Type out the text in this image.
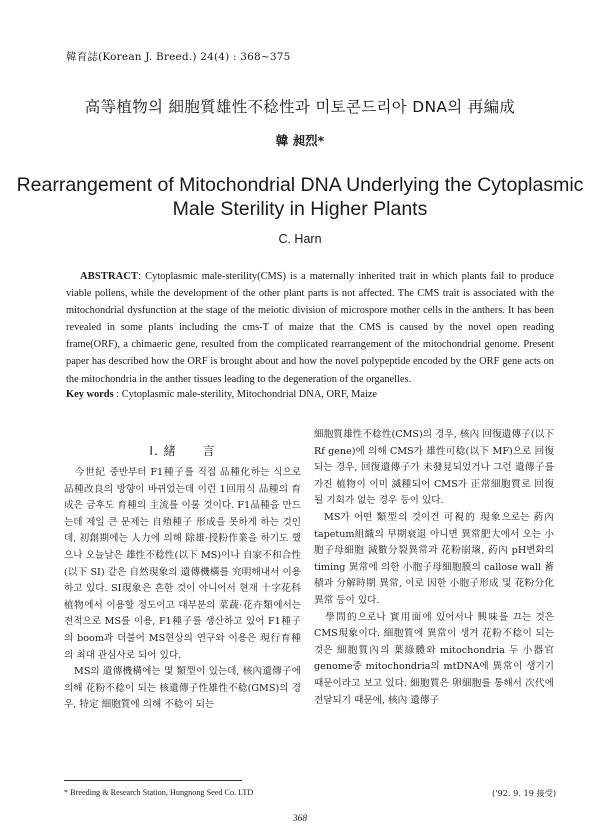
韓育誌(Korean J. Breed.) 24(4) : 368~375
高等植物의 細胞質雄性不稔性과 미토콘드리아 DNA의 再編成
韓 昶烈*
Rearrangement of Mitochondrial DNA Underlying the Cytoplasmic Male Sterility in Higher Plants
C. Harn
ABSTRACT: Cytoplasmic male-sterility(CMS) is a maternally inherited trait in which plants fail to produce viable pollens, while the development of the other plant parts is not affected. The CMS trait is associated with the mitochondrial dysfunction at the stage of the meiotic division of microspore mother cells in the anthers. It has been revealed in some plants including the cms-T of maize that the CMS is caused by the novel open reading frame(ORF), a chimaeric gene, resulted from the complicated rearrangement of the mitochondrial genome. Present paper has described how the ORF is brought about and how the novel polypeptide encoded by the ORF gene acts on the mitochondria in the anther tissues leading to the degeneration of the organelles.
Key words : Cytoplasmic male-sterility, Mitochondrial DNA, ORF, Maize
I. 緒　　言

今世紀 중반부터 F1種子를 직접 品種化하는 식으로 品種改良의 방향이 바뀌었는데 이런 1回用식 品種의 育成은 금후도 育種의 主流를 이룰 것이다. F1品種을 만드는데 제일 큰 문제는 自殖種子 形成을 못하게 하는 것인데, 初創期에는 人力에 의해 除雄·授粉作業을 하기도 했으나 오늘날은 雄性不稔性(以下 MS)이나 自家不和合性(以下 SI) 같은 自然現象의 遺傳機構를 究明해내서 이용하고 있다. SI現象은 흔한 것이 아니어서 현재 十字花科 植物에서 이용할 정도이고 대부분의 菜蔬·花卉類에서는 전적으로 MS를 이용, F1種子를 생산하고 있어 F1種子의 boom과 더불어 MS현상의 연구와 이용은 現行育種의 최대 관심사로 되어 있다.

MS의 遺傳機構에는 몇 類型이 있는데, 核內遺傳子에 의해 花粉不稔이 되는 核遺傳子性雄性不稔(GMS)의 경우, 特定 細胞質에 의해 不稔이 되는

細胞質雄性不稔性(CMS)의 경우, 核內 回復遺傳子(以下 Rf gene)에 의해 CMS가 雄性可稔(以下 MF)으로 回復되는 경우, 回復遺傳子가 未發見되었거나 그런 遺傳子를 가진 植物이 이미 滅種되어 CMS가 正常細胞質로 回復될 기회가 없는 경우 등이 있다.

MS가 어떤 類型의 것이건 可視的 現象으로는 葯內 tapetum組織의 早期衰退 아니면 異常肥大에서 오는 小胞子母細胞 減數分裂異常과 花粉崩壞, 葯內 pH변화의 timing 異常에 의한 小胞子母細胞膜의 callose wall 蓄積과 分解時期 異常, 이로 因한 小胞子形成 및 花粉分化 異常 등이 있다.

學問的으로나 實用面에 있어서나 興味를 끄는 것은 CMS現象이다. 細胞質에 異常이 생겨 花粉不稔이 되는 것은 細胞質內의 葉綠體와 mitochondria 두 小器官 genome중 mitochondria의 mtDNA에 異常이 생기기 때문이라고 보고 있다. 細胞質은 卵細胞를 통해서 次代에 전달되기 때문에, 核內 遺傳子

* Breeding & Research Station, Hungnong Seed Co. LTD	('92. 9. 19 接受)
368
